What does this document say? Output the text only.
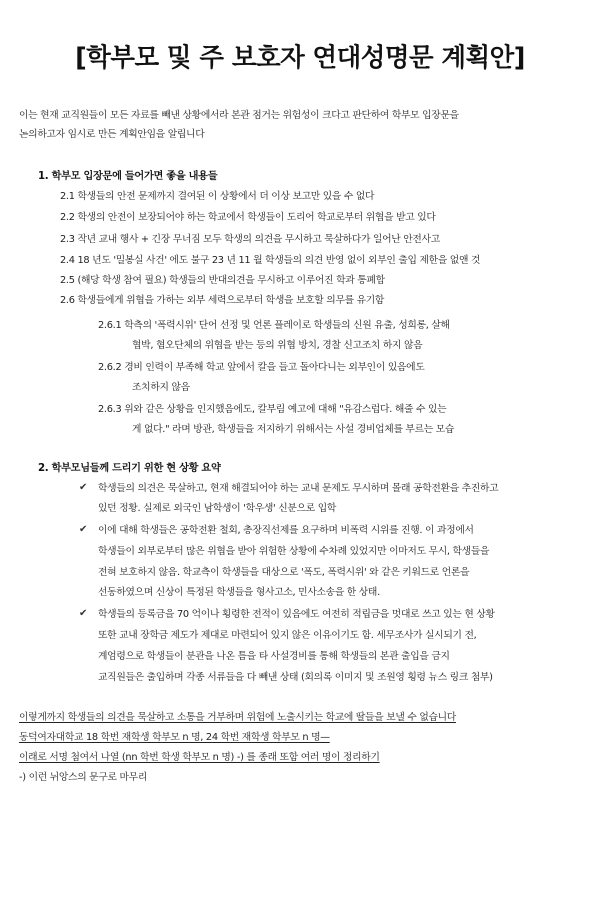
[학부모 및 주 보호자 연대성명문 계획안]
이는 현재 교직원들이 모든 자료를 빼낸 상황에서라 본관 점거는 위험성이 크다고 판단하여 학부모 입장문을
논의하고자 임시로 만든 계획안임을 알립니다
1. 학부모 입장문에 들어가면 좋을 내용들
2.1 학생들의 안전 문제까지 결여된 이 상황에서 더 이상 보고만 있을 수 없다
2.2 학생의 안전이 보장되어야 하는 학교에서 학생들이 도리어 학교로부터 위협을 받고 있다
2.3 작년 교내 행사 + 긴장 무너짐 모두 학생의 의견을 무시하고 묵살하다가 일어난 안전사고
2.4 18 년도 '밀봉실 사건' 에도 불구 23 년 11 월 학생들의 의견 반영 없이 외부인 출입 제한을 없앤 것
2.5 (해당 학생 참여 필요) 학생들의 반대의견을 무시하고 이루어진 학과 통폐합
2.6 학생들에게 위협을 가하는 외부 세력으로부터 학생을 보호할 의무를 유기함
2.6.1 학측의 '폭력시위' 단어 선정 및 언론 플레이로 학생들의 신원 유출, 성희롱, 살해
협박, 혐오단체의 위협을 받는 등의 위협 방치, 경찰 신고조치 하지 않음
2.6.2 경비 인력이 부족해 학교 앞에서 칼을 들고 돌아다니는 외부인이 있음에도
조치하지 않음
2.6.3 위와 같은 상황을 인지했음에도, 칼부림 예고에 대해 "유감스럽다. 해줄 수 있는
게 없다." 라며 방관, 학생들을 저지하기 위해서는 사설 경비업체를 부르는 모습
2. 학부모님들께 드리기 위한 현 상황 요약
✔ 학생들의 의견은 묵살하고, 현재 해결되어야 하는 교내 문제도 무시하며 몰래 공학전환을 추진하고
있던 정황. 실제로 외국인 남학생이 '학우생' 신분으로 입학
✔ 이에 대해 학생들은 공학전환 철회, 총장직선제를 요구하며 비폭력 시위를 진행. 이 과정에서
학생들이 외부로부터 많은 위협을 받아 위험한 상황에 수차례 있었지만 이마저도 무시, 학생들을
전혀 보호하지 않음. 학교측이 학생들을 대상으로 '폭도, 폭력시위' 와 같은 키워드로 언론을
선동하였으며 신상이 특정된 학생들을 형사고소, 민사소송을 한 상태.
✔ 학생들의 등록금을 70 억이나 횡령한 전적이 있음에도 여전히 적립금을 멋대로 쓰고 있는 현 상황
또한 교내 장학금 제도가 제대로 마련되어 있지 않은 이유이기도 함. 세무조사가 실시되기 전,
계엄령으로 학생들이 분관을 나온 틈을 타 사설경비를 통해 학생들의 본관 출입을 금지
교직원들은 출입하며 각종 서류들을 다 빼낸 상태 (회의록 이미지 및 조원영 횡령 뉴스 링크 첨부)
이렇게까지 학생들의 의견을 묵살하고 소통을 거부하며 위험에 노출시키는 학교에 딸들을 보낼 수 없습니다
동덕여자대학교 18 학번 재학생 학부모 n 명, 24 학번 재학생 학부모 n 명—
이래로 서명 첨여서 나열 (nn 학번 학생 학부모 n 명) -) 를 종래 또함 여러 명이 정리하기
-) 이런 뉘앙스의 문구로 마무리
